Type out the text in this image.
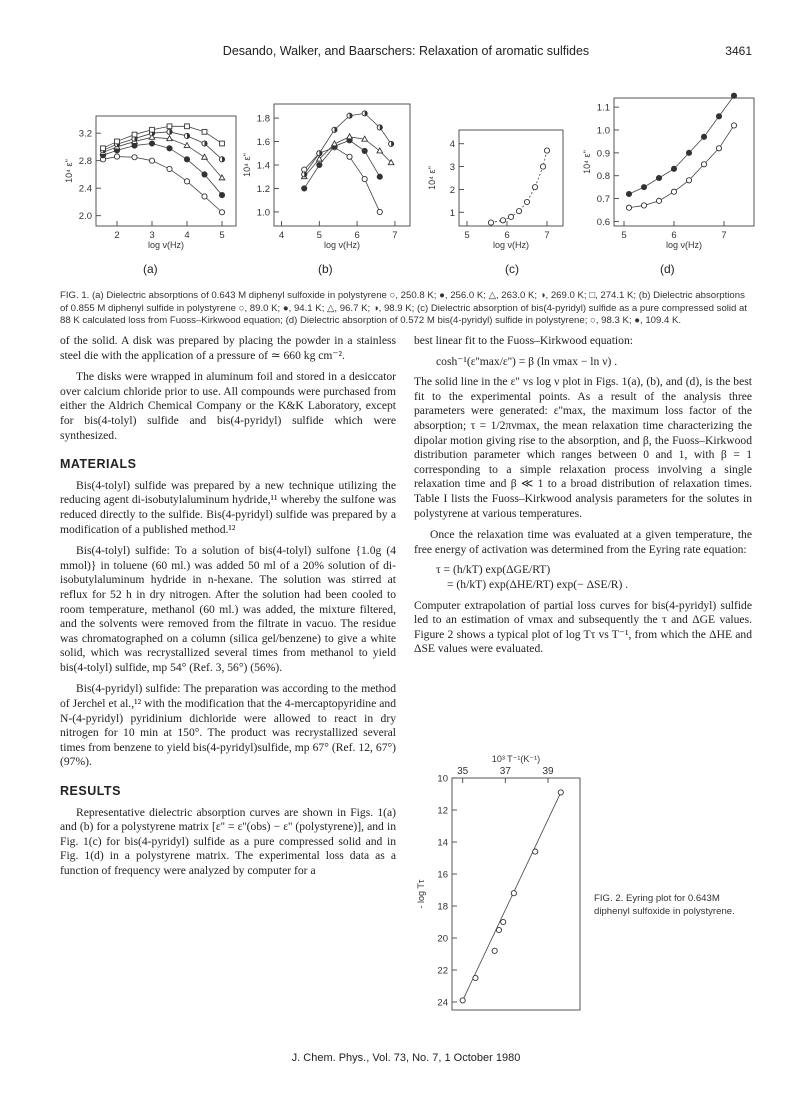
Desando, Walker, and Baarschers: Relaxation of aromatic sulfides	3461
2	3	4	5
2.0
2.4
2.8
3.2
log ν(Hz)
10⁴ ε''
4	5	6	7
1.0
1.2
1.4
1.6
1.8
log ν(Hz)
10⁴ ε''
5	6	7
1
2
3
4
log ν(Hz)
10⁴ ε''
5	6	7
0.6
0.7
0.8
0.9
1.0
1.1
log ν(Hz)
10⁴ ε''
(a)	(b)	(c)	(d)
FIG. 1. (a) Dielectric absorptions of 0.643 M diphenyl sulfoxide in polystyrene ○, 250.8 K; ●, 256.0 K; △, 263.0 K; ◑, 269.0 K; □, 274.1 K; (b) Dielectric absorptions of 0.855 M diphenyl sulfide in polystyrene ○, 89.0 K; ●, 94.1 K; △, 96.7 K; ◑, 98.9 K; (c) Dielectric absorption of bis(4-pyridyl) sulfide as a pure compressed solid at 88 K calculated loss from Fuoss–Kirkwood equation; (d) Dielectric absorption of 0.572 M bis(4-pyridyl) sulfide in polystyrene; ○, 98.3 K; ●, 109.4 K.

of the solid. A disk was prepared by placing the powder in a stainless steel die with the application of a pressure of ≃ 660 kg cm⁻².

The disks were wrapped in aluminum foil and stored in a desiccator over calcium chloride prior to use. All compounds were purchased from either the Aldrich Chemical Company or the K&K Laboratory, except for bis(4-tolyl) sulfide and bis(4-pyridyl) sulfide which were synthesized.

MATERIALS

Bis(4-tolyl) sulfide was prepared by a new technique utilizing the reducing agent di-isobutylaluminum hydride,¹¹ whereby the sulfone was reduced directly to the sulfide. Bis(4-pyridyl) sulfide was prepared by a modification of a published method.¹²

Bis(4-tolyl) sulfide: To a solution of bis(4-tolyl) sulfone {1.0g (4 mmol)} in toluene (60 ml.) was added 50 ml of a 20% solution of di-isobutylaluminum hydride in n-hexane. The solution was stirred at reflux for 52 h in dry nitrogen. After the solution had been cooled to room temperature, methanol (60 ml.) was added, the mixture filtered, and the solvents were removed from the filtrate in vacuo. The residue was chromatographed on a column (silica gel/benzene) to give a white solid, which was recrystallized several times from methanol to yield bis(4-tolyl) sulfide, mp 54° (Ref. 3, 56°) (56%).

Bis(4-pyridyl) sulfide: The preparation was according to the method of Jerchel et al.,¹² with the modification that the 4-mercaptopyridine and N-(4-pyridyl) pyridinium dichloride were allowed to react in dry nitrogen for 10 min at 150°. The product was recrystallized several times from benzene to yield bis(4-pyridyl)sulfide, mp 67° (Ref. 12, 67°) (97%).

RESULTS

Representative dielectric absorption curves are shown in Figs. 1(a) and (b) for a polystyrene matrix [ε'' = ε''(obs) − ε'' (polystyrene)], and in Fig. 1(c) for bis(4-pyridyl) sulfide as a pure compressed solid and in Fig. 1(d) in a polystyrene matrix. The experimental loss data as a function of frequency were analyzed by computer for a

best linear fit to the Fuoss–Kirkwood equation:

cosh⁻¹(ε''max/ε'') = β (ln νmax − ln ν) .

The solid line in the ε'' vs log ν plot in Figs. 1(a), (b), and (d), is the best fit to the experimental points. As a result of the analysis three parameters were generated: ε''max, the maximum loss factor of the absorption; τ = 1/2πνmax, the mean relaxation time characterizing the dipolar motion giving rise to the absorption, and β, the Fuoss–Kirkwood distribution parameter which ranges between 0 and 1, with β = 1 corresponding to a simple relaxation process involving a single relaxation time and β ≪ 1 to a broad distribution of relaxation times. Table I lists the Fuoss–Kirkwood analysis parameters for the solutes in polystyrene at various temperatures.

Once the relaxation time was evaluated at a given temperature, the free energy of activation was determined from the Eyring rate equation:

τ = (h/kT) exp(ΔGE/RT)

= (h/kT) exp(ΔHE/RT) exp(− ΔSE/R) .

Computer extrapolation of partial loss curves for bis(4-pyridyl) sulfide led to an estimation of νmax and subsequently the τ and ΔGE values. Figure 2 shows a typical plot of log Tτ vs T⁻¹, from which the ΔHE and ΔSE values were evaluated.

35	37	39
10
12
14
16
18
20
22
24
10³ T⁻¹(K⁻¹)
- log Tτ	FIG. 2. Eyring plot for 0.643M diphenyl sulfoxide in polystyrene.
J. Chem. Phys., Vol. 73, No. 7, 1 October 1980
